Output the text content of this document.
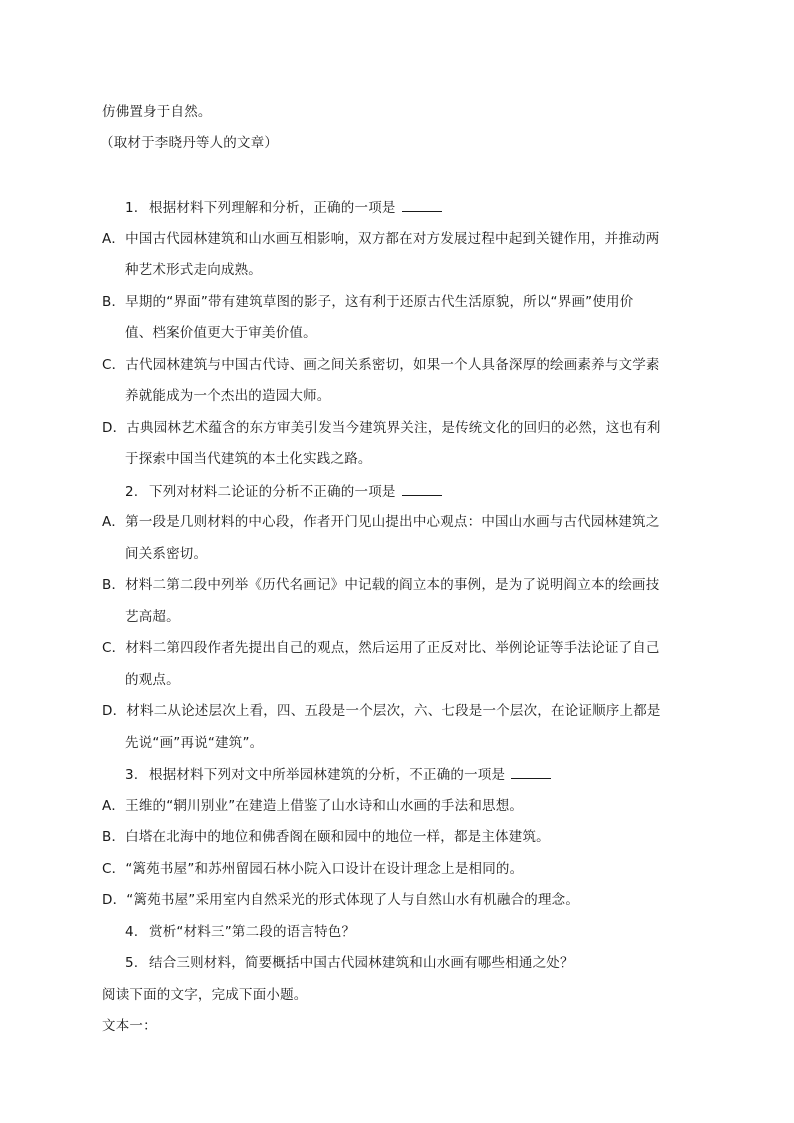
仿佛置身于自然。
（取材于李晓丹等人的文章）
1. 根据材料下列理解和分析，正确的一项是
A．中国古代园林建筑和山水画互相影响，双方都在对方发展过程中起到关键作用，并推动两
种艺术形式走向成熟。
B．早期的“界面”带有建筑草图的影子，这有利于还原古代生活原貌，所以“界画”使用价
值、档案价值更大于审美价值。
C．古代园林建筑与中国古代诗、画之间关系密切，如果一个人具备深厚的绘画素养与文学素
养就能成为一个杰出的造园大师。
D．古典园林艺术蕴含的东方审美引发当今建筑界关注，是传统文化的回归的必然，这也有利
于探索中国当代建筑的本土化实践之路。
2. 下列对材料二论证的分析不正确的一项是
A．第一段是几则材料的中心段，作者开门见山提出中心观点：中国山水画与古代园林建筑之
间关系密切。
B．材料二第二段中列举《历代名画记》中记载的阎立本的事例，是为了说明阎立本的绘画技
艺高超。
C．材料二第四段作者先提出自己的观点，然后运用了正反对比、举例论证等手法论证了自己
的观点。
D．材料二从论述层次上看，四、五段是一个层次，六、七段是一个层次，在论证顺序上都是
先说“画”再说“建筑”。
3. 根据材料下列对文中所举园林建筑的分析，不正确的一项是
A．王维的“辋川别业”在建造上借鉴了山水诗和山水画的手法和思想。
B．白塔在北海中的地位和佛香阁在颐和园中的地位一样，都是主体建筑。
C．“篱苑书屋”和苏州留园石林小院入口设计在设计理念上是相同的。
D．“篱苑书屋”采用室内自然采光的形式体现了人与自然山水有机融合的理念。
4. 赏析“材料三”第二段的语言特色？
5. 结合三则材料，简要概括中国古代园林建筑和山水画有哪些相通之处？
阅读下面的文字，完成下面小题。
文本一：
